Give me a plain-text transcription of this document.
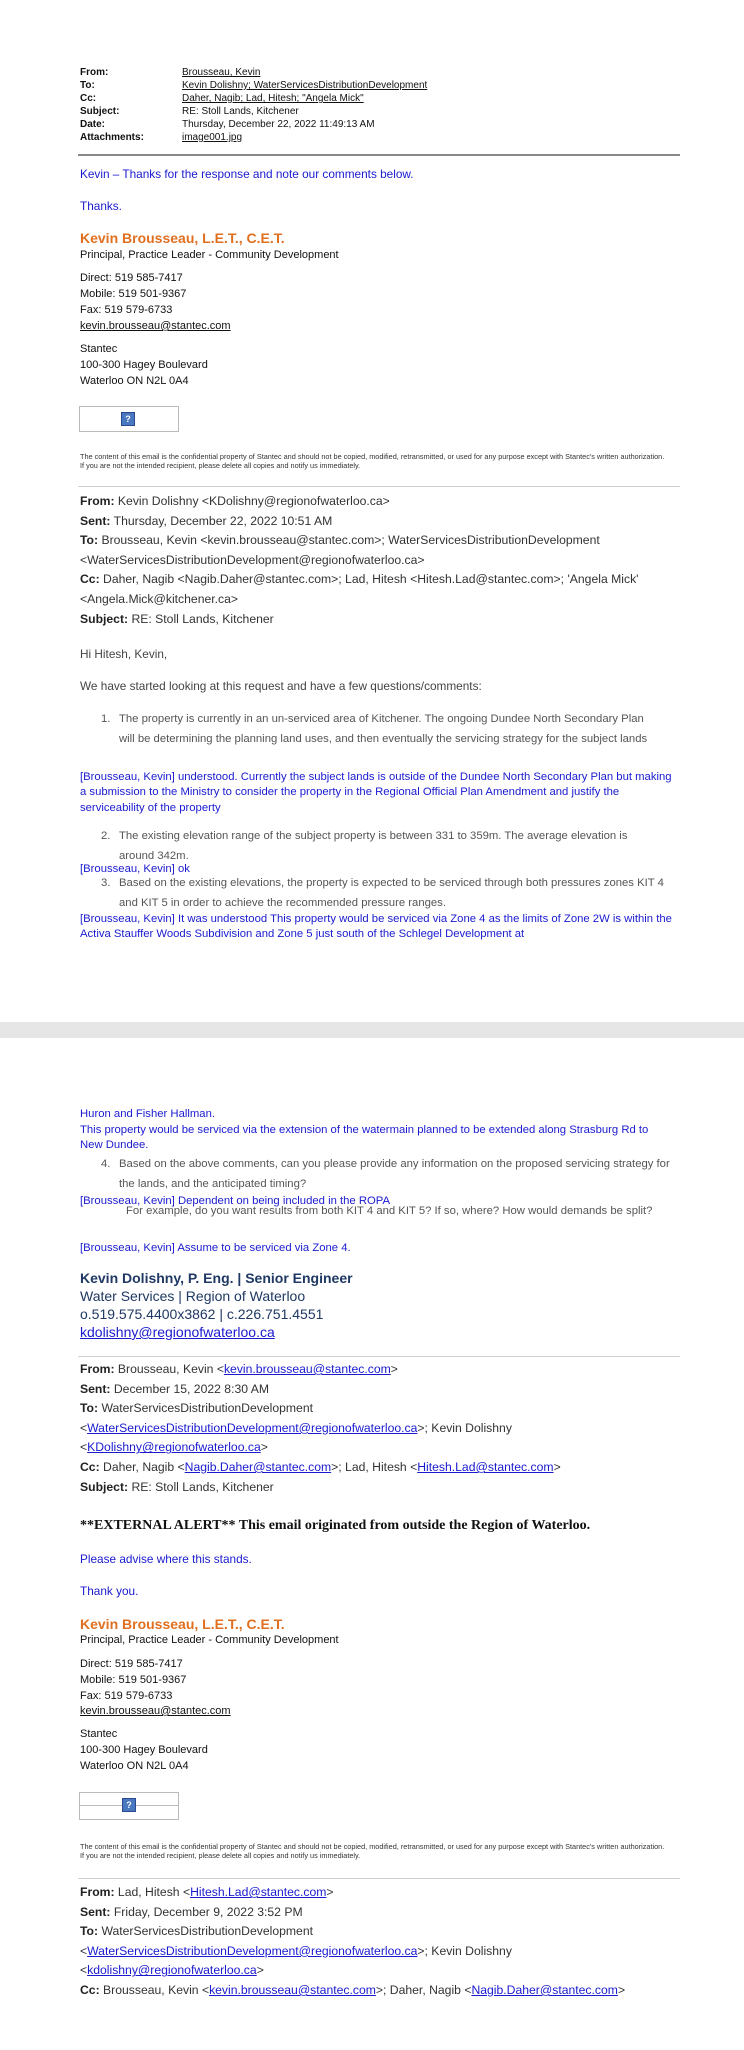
From:	Brousseau, Kevin
To:	Kevin Dolishny; WaterServicesDistributionDevelopment
Cc:	Daher, Nagib; Lad, Hitesh; "Angela Mick"
Subject:	RE: Stoll Lands, Kitchener
Date:	Thursday, December 22, 2022 11:49:13 AM
Attachments:	image001.jpg
Kevin – Thanks for the response and note our comments below.
Thanks.
Kevin Brousseau, L.E.T., C.E.T.
Principal, Practice Leader - Community Development
Direct: 519 585-7417
Mobile: 519 501-9367
Fax: 519 579-6733
kevin.brousseau@stantec.com
Stantec
100-300 Hagey Boulevard
Waterloo ON N2L 0A4
?
The content of this email is the confidential property of Stantec and should not be copied, modified, retransmitted, or used for any purpose except with Stantec's written authorization. If you are not the intended recipient, please delete all copies and notify us immediately.
From: Kevin Dolishny <KDolishny@regionofwaterloo.ca>
Sent: Thursday, December 22, 2022 10:51 AM
To: Brousseau, Kevin <kevin.brousseau@stantec.com>; WaterServicesDistributionDevelopment <WaterServicesDistributionDevelopment@regionofwaterloo.ca>
Cc: Daher, Nagib <Nagib.Daher@stantec.com>; Lad, Hitesh <Hitesh.Lad@stantec.com>; 'Angela Mick' <Angela.Mick@kitchener.ca>
Subject: RE: Stoll Lands, Kitchener
Hi Hitesh, Kevin,
We have started looking at this request and have a few questions/comments:
1. The property is currently in an un-serviced area of Kitchener. The ongoing Dundee North Secondary Plan will be determining the planning land uses, and then eventually the servicing strategy for the subject lands
[Brousseau, Kevin] understood. Currently the subject lands is outside of the Dundee North Secondary Plan but making a submission to the Ministry to consider the property in the Regional Official Plan Amendment and justify the serviceability of the property
2. The existing elevation range of the subject property is between 331 to 359m. The average elevation is around 342m.
[Brousseau, Kevin] ok
3. Based on the existing elevations, the property is expected to be serviced through both pressures zones KIT 4 and KIT 5 in order to achieve the recommended pressure ranges.
[Brousseau, Kevin] It was understood This property would be serviced via Zone 4 as the limits of Zone 2W is within the Activa Stauffer Woods Subdivision and Zone 5 just south of the Schlegel Development at
Huron and Fisher Hallman.
This property would be serviced via the extension of the watermain planned to be extended along Strasburg Rd to New Dundee.
4. Based on the above comments, can you please provide any information on the proposed servicing strategy for the lands, and the anticipated timing?
[Brousseau, Kevin] Dependent on being included in the ROPA
For example, do you want results from both KIT 4 and KIT 5? If so, where? How would demands be split?
[Brousseau, Kevin] Assume to be serviced via Zone 4.
Kevin Dolishny, P. Eng. | Senior Engineer
Water Services | Region of Waterloo
o.519.575.4400x3862 | c.226.751.4551
kdolishny@regionofwaterloo.ca
From: Brousseau, Kevin <kevin.brousseau@stantec.com>
Sent: December 15, 2022 8:30 AM
To: WaterServicesDistributionDevelopment
<WaterServicesDistributionDevelopment@regionofwaterloo.ca>; Kevin Dolishny
<KDolishny@regionofwaterloo.ca>
Cc: Daher, Nagib <Nagib.Daher@stantec.com>; Lad, Hitesh <Hitesh.Lad@stantec.com>
Subject: RE: Stoll Lands, Kitchener
**EXTERNAL ALERT** This email originated from outside the Region of Waterloo.
Please advise where this stands.
Thank you.
Kevin Brousseau, L.E.T., C.E.T.
Principal, Practice Leader - Community Development
Direct: 519 585-7417
Mobile: 519 501-9367
Fax: 519 579-6733
kevin.brousseau@stantec.com
Stantec
100-300 Hagey Boulevard
Waterloo ON N2L 0A4
?
The content of this email is the confidential property of Stantec and should not be copied, modified, retransmitted, or used for any purpose except with Stantec's written authorization. If you are not the intended recipient, please delete all copies and notify us immediately.
From: Lad, Hitesh <Hitesh.Lad@stantec.com>
Sent: Friday, December 9, 2022 3:52 PM
To: WaterServicesDistributionDevelopment
<WaterServicesDistributionDevelopment@regionofwaterloo.ca>; Kevin Dolishny
<kdolishny@regionofwaterloo.ca>
Cc: Brousseau, Kevin <kevin.brousseau@stantec.com>; Daher, Nagib <Nagib.Daher@stantec.com>
